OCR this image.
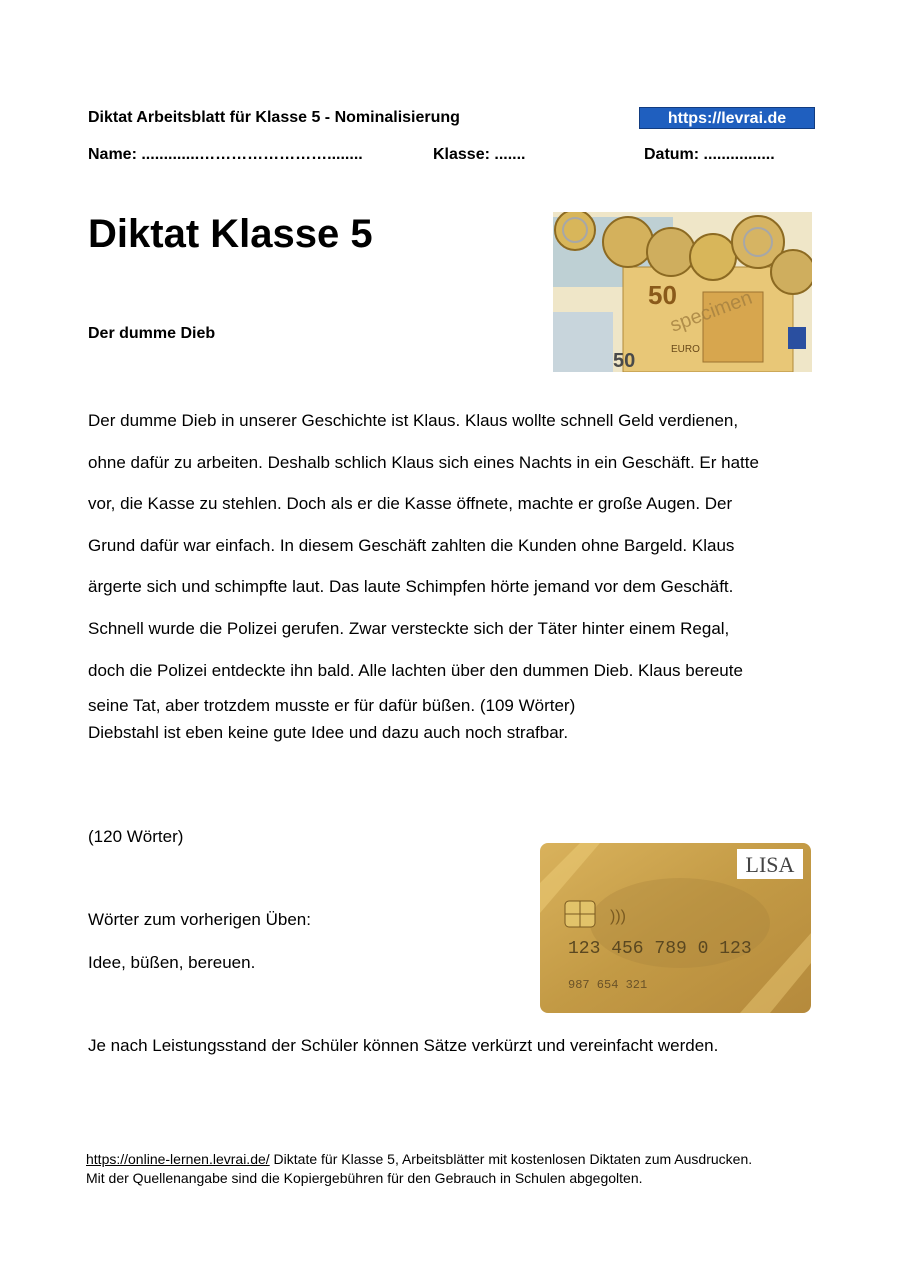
Diktat Arbeitsblatt für Klasse 5 - Nominalisierung	https://levrai.de
Name: .............……………………........	Klasse: .......	Datum: ................
Diktat Klasse 5
Der dumme Dieb
50
50
EURO
specimen
Der dumme Dieb in unserer Geschichte ist Klaus. Klaus wollte schnell Geld verdienen,
ohne dafür zu arbeiten. Deshalb schlich Klaus sich eines Nachts in ein Geschäft. Er hatte
vor, die Kasse zu stehlen. Doch als er die Kasse öffnete, machte er große Augen. Der
Grund dafür war einfach. In diesem Geschäft zahlten die Kunden ohne Bargeld. Klaus
ärgerte sich und schimpfte laut. Das laute Schimpfen hörte jemand vor dem Geschäft.
Schnell wurde die Polizei gerufen. Zwar versteckte sich der Täter hinter einem Regal,
doch die Polizei entdeckte ihn bald. Alle lachten über den dummen Dieb. Klaus bereute
seine Tat, aber trotzdem musste er für dafür büßen. (109 Wörter)
Diebstahl ist eben keine gute Idee und dazu auch noch strafbar.
(120 Wörter)
Wörter zum vorherigen Üben:
Idee, büßen, bereuen.
LISA
)))
123 456 789 0 123
987 654 321
Je nach Leistungsstand der Schüler können Sätze verkürzt und vereinfacht werden.
https://online-lernen.levrai.de/ Diktate für Klasse 5, Arbeitsblätter mit kostenlosen Diktaten zum Ausdrucken.
Mit der Quellenangabe sind die Kopiergebühren für den Gebrauch in Schulen abgegolten.
